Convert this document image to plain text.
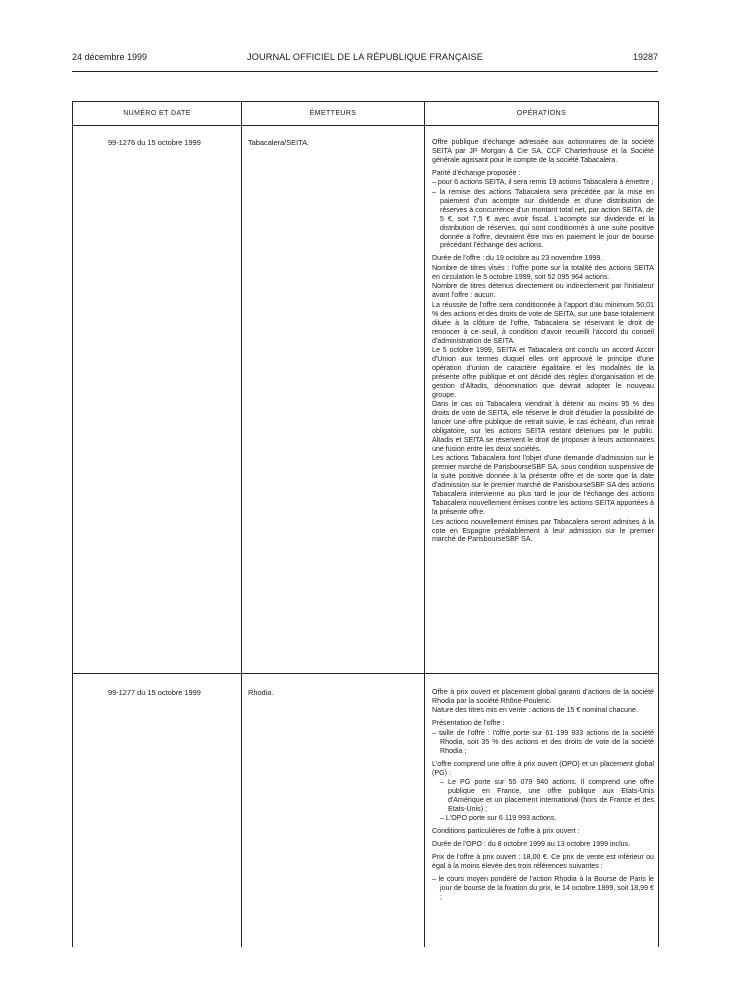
24 décembre 1999	JOURNAL OFFICIEL DE LA RÉPUBLIQUE FRANÇAISE	19287
NUMÉRO ET DATE	ÉMETTEURS	OPÉRATIONS
99-1276 du 15 octobre 1999	Tabacalera/SEITA.	Offre publique d'échange adressée aux actionnaires de la société SEITA par JP Morgan & Cie SA, CCF Charterhouse et la Société générale agissant pour le compte de la société Tabacalera.

Parité d'échange proposée :

– pour 6 actions SEITA, il sera remis 19 actions Tabacalera à émettre ;
– la remise des actions Tabacalera sera précédée par la mise en paiement d'un acompte sur dividende et d'une distribution de réserves à concurrence d'un montant total net, par action SEITA, de 5 €, soit 7,5 € avec avoir fiscal. L'acompte sur dividende et la distribution de réserves, qui sont conditionnés à une suite positive donnée à l'offre, devraient être mis en paiement le jour de bourse précédant l'échange des actions.

Durée de l'offre : du 19 octobre au 23 novembre 1999.

Nombre de titres visés : l'offre porte sur la totalité des actions SEITA en circulation le 5 octobre 1999, soit 52 095 964 actions.

Nombre de titres détenus directement ou indirectement par l'initiateur avant l'offre : aucun.

La réussite de l'offre sera conditionnée à l'apport d'au minimum 50,01 % des actions et des droits de vote de SEITA, sur une base totalement diluée à la clôture de l'offre, Tabacalera se réservant le droit de renoncer à ce seuil, à condition d'avoir recueilli l'accord du conseil d'administration de SEITA.

Le 5 octobre 1999, SEITA et Tabacalera ont conclu un accord Accor d'Union aux termes duquel elles ont approuvé le principe d'une opération d'union de caractère égalitaire et les modalités de la présente offre publique et ont décidé des règles d'organisation et de gestion d'Altadis, dénomination que devrait adopter le nouveau groupe.

Dans le cas où Tabacalera viendrait à détenir au moins 95 % des droits de vote de SEITA, elle réserve le droit d'étudier la possibilité de lancer une offre publique de retrait suivie, le cas échéant, d'un retrait obligatoire, sur les actions SEITA restant détenues par le public. Altadis et SEITA se réservent le droit de proposer à leurs actionnaires une fusion entre les deux sociétés.

Les actions Tabacalera font l'objet d'une demande d'admission sur le premier marché de ParisbourseSBF SA, sous condition suspensive de la suite positive donnée à la présente offre et de sorte que la date d'admission sur le premier marché de ParisbourseSBF SA des actions Tabacalera intervienne au plus tard le jour de l'échange des actions Tabacalera nouvellement émises contre les actions SEITA apportées à la présente offre.

Les actions nouvellement émises par Tabacalera seront admises à la cote en Espagne préalablement à leur admission sur le premier marché de ParisbourseSBF SA.

99-1277 du 15 octobre 1999	Rhodia.	Offre à prix ouvert et placement global garanti d'actions de la société Rhodia par la société Rhône-Poulenc.

Nature des titres mis en vente : actions de 15 € nominal chacune.

Présentation de l'offre :

– taille de l'offre : l'offre porte sur 61 199 933 actions de la société Rhodia, soit 35 % des actions et des droits de vote de la société Rhodia ;

L'offre comprend une offre à prix ouvert (OPO) et un placement global (PG) :

– Le PG porte sur 55 079 940 actions. Il comprend une offre publique en France, une offre publique aux Etats-Unis d'Amérique et un placement international (hors de France et des Etats-Unis) ;
– L'OPO porte sur 6 119 993 actions.

Conditions particulières de l'offre à prix ouvert :

Durée de l'OPO : du 8 octobre 1999 au 13 octobre 1999 inclus.

Prix de l'offre à prix ouvert : 18,00 €. Ce prix de vente est inférieur ou égal à la moins élevée des trois références suivantes :

– le cours moyen pondéré de l'action Rhodia à la Bourse de Paris le jour de bourse de la fixation du prix, le 14 octobre 1999, soit 18,99 € ;
